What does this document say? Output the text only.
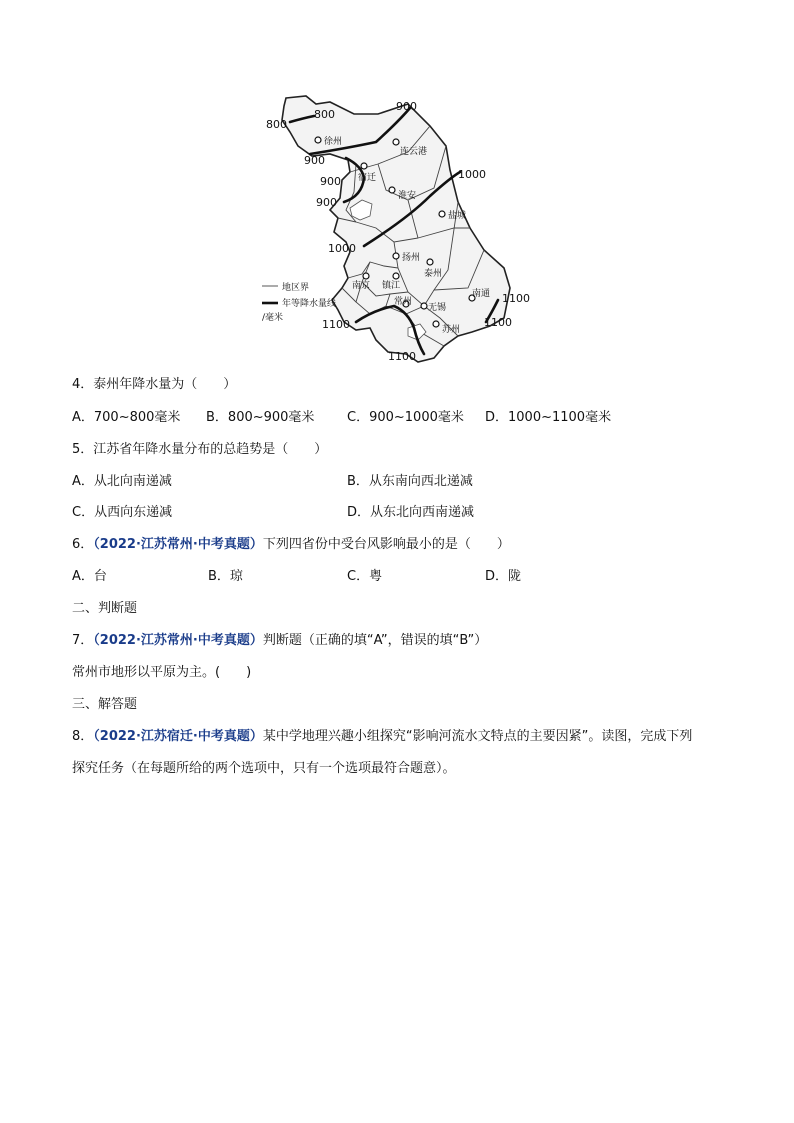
800
800
900
900
900
900
1000
1000
1100
1100
1100
1100
徐州
连云港
宿迁
淮安
盐城
扬州
泰州
南京 镇江
常州
无锡
苏州
南通
地区界
年等降水量线
/毫米
4．泰州年降水量为（　　）
A．700~800毫米 B．800~900毫米	C．900~1000毫米 D．1000~1100毫米
5．江苏省年降水量分布的总趋势是（　　）
A．从北向南递减	B．从东南向西北递减
C．从西向东递减	D．从东北向西南递减
6．（2022·江苏常州·中考真题）下列四省份中受台风影响最小的是（　　）
A．台	B．琼	C．粤	D．陇
二、判断题
7．（2022·江苏常州·中考真题）判断题（正确的填“A”，错误的填“B”）
常州市地形以平原为主。(　　)
三、解答题
8．（2022·江苏宿迁·中考真题）某中学地理兴趣小组探究“影响河流水文特点的主要因紧”。读图，完成下列
探究任务（在每题所给的两个选项中，只有一个选项最符合题意）。
